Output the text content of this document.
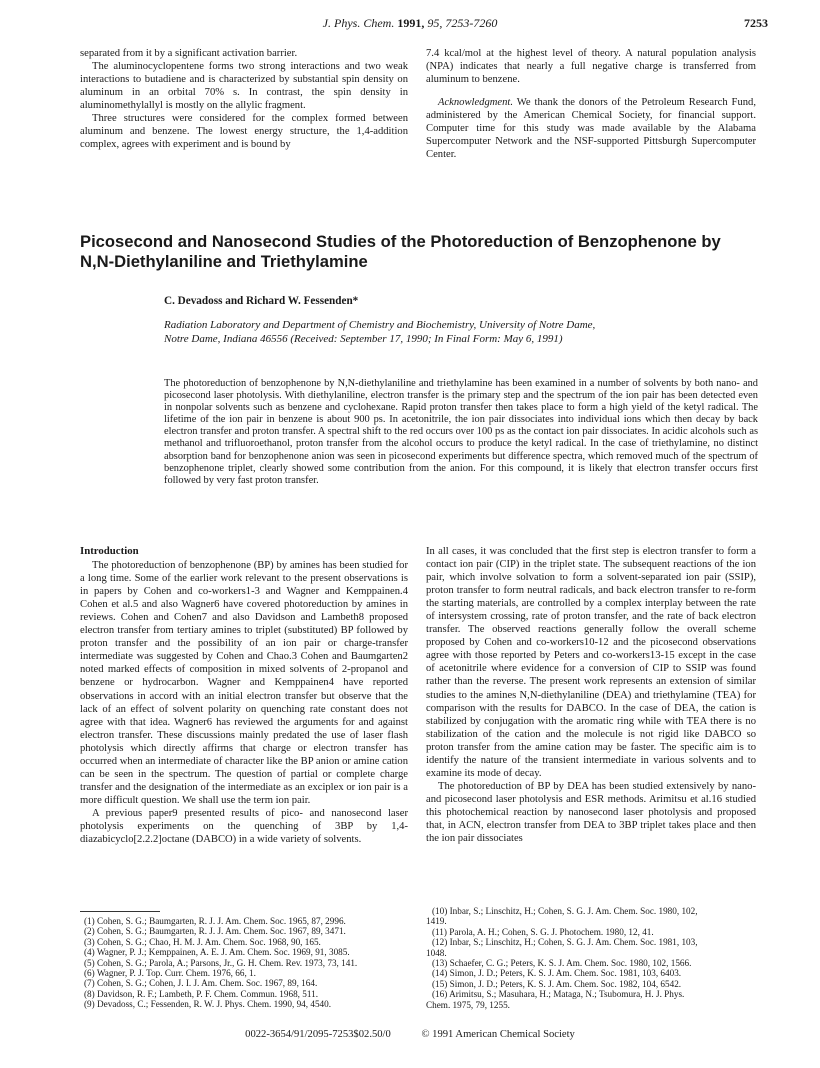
J. Phys. Chem. 1991, 95, 7253-7260	7253

separated from it by a significant activation barrier.

The aluminocyclopentene forms two strong interactions and two weak interactions to butadiene and is characterized by substantial spin density on aluminum in an orbital 70% s. In contrast, the spin density in aluminomethylallyl is mostly on the allylic fragment.

Three structures were considered for the complex formed between aluminum and benzene. The lowest energy structure, the 1,4-addition complex, agrees with experiment and is bound by

7.4 kcal/mol at the highest level of theory. A natural population analysis (NPA) indicates that nearly a full negative charge is transferred from aluminum to benzene.

Acknowledgment. We thank the donors of the Petroleum Research Fund, administered by the American Chemical Society, for financial support. Computer time for this study was made available by the Alabama Supercomputer Network and the NSF-supported Pittsburgh Supercomputer Center.

Picosecond and Nanosecond Studies of the Photoreduction of Benzophenone by
N,N-Diethylaniline and Triethylamine
C. Devadoss and Richard W. Fessenden*
Radiation Laboratory and Department of Chemistry and Biochemistry, University of Notre Dame,
Notre Dame, Indiana 46556 (Received: September 17, 1990; In Final Form: May 6, 1991)
The photoreduction of benzophenone by N,N-diethylaniline and triethylamine has been examined in a number of solvents by both nano- and picosecond laser photolysis. With diethylaniline, electron transfer is the primary step and the spectrum of the ion pair has been detected even in nonpolar solvents such as benzene and cyclohexane. Rapid proton transfer then takes place to form a high yield of the ketyl radical. The lifetime of the ion pair in benzene is about 900 ps. In acetonitrile, the ion pair dissociates into individual ions which then decay by back electron transfer and proton transfer. A spectral shift to the red occurs over 100 ps as the contact ion pair dissociates. In acidic alcohols such as methanol and trifluoroethanol, proton transfer from the alcohol occurs to produce the ketyl radical. In the case of triethylamine, no distinct absorption band for benzophenone anion was seen in picosecond experiments but difference spectra, which removed much of the spectrum of benzophenone triplet, clearly showed some contribution from the anion. For this compound, it is likely that electron transfer occurs first followed by very fast proton transfer.
Introduction

The photoreduction of benzophenone (BP) by amines has been studied for a long time. Some of the earlier work relevant to the present observations is in papers by Cohen and co-workers1-3 and Wagner and Kemppainen.4 Cohen et al.5 and also Wagner6 have covered photoreduction by amines in reviews. Cohen and Cohen7 and also Davidson and Lambeth8 proposed electron transfer from tertiary amines to triplet (substituted) BP followed by proton transfer and the possibility of an ion pair or charge-transfer intermediate was suggested by Cohen and Chao.3 Cohen and Baumgarten2 noted marked effects of composition in mixed solvents of 2-propanol and benzene or hydrocarbon. Wagner and Kemppainen4 have reported observations in accord with an initial electron transfer but observe that the lack of an effect of solvent polarity on quenching rate constant does not agree with that idea. Wagner6 has reviewed the arguments for and against electron transfer. These discussions mainly predated the use of laser flash photolysis which directly affirms that charge or electron transfer has occurred when an intermediate of character like the BP anion or amine cation can be seen in the spectrum. The question of partial or complete charge transfer and the designation of the intermediate as an exciplex or ion pair is a more difficult question. We shall use the term ion pair.

A previous paper9 presented results of pico- and nanosecond laser photolysis experiments on the quenching of 3BP by 1,4-diazabicyclo[2.2.2]octane (DABCO) in a wide variety of solvents.

In all cases, it was concluded that the first step is electron transfer to form a contact ion pair (CIP) in the triplet state. The subsequent reactions of the ion pair, which involve solvation to form a solvent-separated ion pair (SSIP), proton transfer to form neutral radicals, and back electron transfer to re-form the starting materials, are controlled by a complex interplay between the rate of intersystem crossing, rate of proton transfer, and the rate of back electron transfer. The observed reactions generally follow the overall scheme proposed by Cohen and co-workers10-12 and the picosecond observations agree with those reported by Peters and co-workers13-15 except in the case of acetonitrile where evidence for a conversion of CIP to SSIP was found rather than the reverse. The present work represents an extension of similar studies to the amines N,N-diethylaniline (DEA) and triethylamine (TEA) for comparison with the results for DABCO. In the case of DEA, the cation is stabilized by conjugation with the aromatic ring while with TEA there is no stabilization of the cation and the molecule is not rigid like DABCO so proton transfer from the amine cation may be faster. The specific aim is to identify the nature of the transient intermediate in various solvents and to examine its mode of decay.

The photoreduction of BP by DEA has been studied extensively by nano- and picosecond laser photolysis and ESR methods. Arimitsu et al.16 studied this photochemical reaction by nanosecond laser photolysis and proposed that, in ACN, electron transfer from DEA to 3BP triplet takes place and then the ion pair dissociates

(1) Cohen, S. G.; Baumgarten, R. J. J. Am. Chem. Soc. 1965, 87, 2996.
(2) Cohen, S. G.; Baumgarten, R. J. J. Am. Chem. Soc. 1967, 89, 3471.
(3) Cohen, S. G.; Chao, H. M. J. Am. Chem. Soc. 1968, 90, 165.
(4) Wagner, P. J.; Kemppainen, A. E. J. Am. Chem. Soc. 1969, 91, 3085.
(5) Cohen, S. G.; Parola, A.; Parsons, Jr., G. H. Chem. Rev. 1973, 73, 141.
(6) Wagner, P. J. Top. Curr. Chem. 1976, 66, 1.
(7) Cohen, S. G.; Cohen, J. I. J. Am. Chem. Soc. 1967, 89, 164.
(8) Davidson, R. F.; Lambeth, P. F. Chem. Commun. 1968, 511.
(9) Devadoss, C.; Fessenden, R. W. J. Phys. Chem. 1990, 94, 4540.
(10) Inbar, S.; Linschitz, H.; Cohen, S. G. J. Am. Chem. Soc. 1980, 102,
1419.
(11) Parola, A. H.; Cohen, S. G. J. Photochem. 1980, 12, 41.
(12) Inbar, S.; Linschitz, H.; Cohen, S. G. J. Am. Chem. Soc. 1981, 103,
1048.
(13) Schaefer, C. G.; Peters, K. S. J. Am. Chem. Soc. 1980, 102, 1566.
(14) Simon, J. D.; Peters, K. S. J. Am. Chem. Soc. 1981, 103, 6403.
(15) Simon, J. D.; Peters, K. S. J. Am. Chem. Soc. 1982, 104, 6542.
(16) Arimitsu, S.; Masuhara, H.; Mataga, N.; Tsubomura, H. J. Phys.
Chem. 1975, 79, 1255.
0022-3654/91/2095-7253$02.50/0	© 1991 American Chemical Society
